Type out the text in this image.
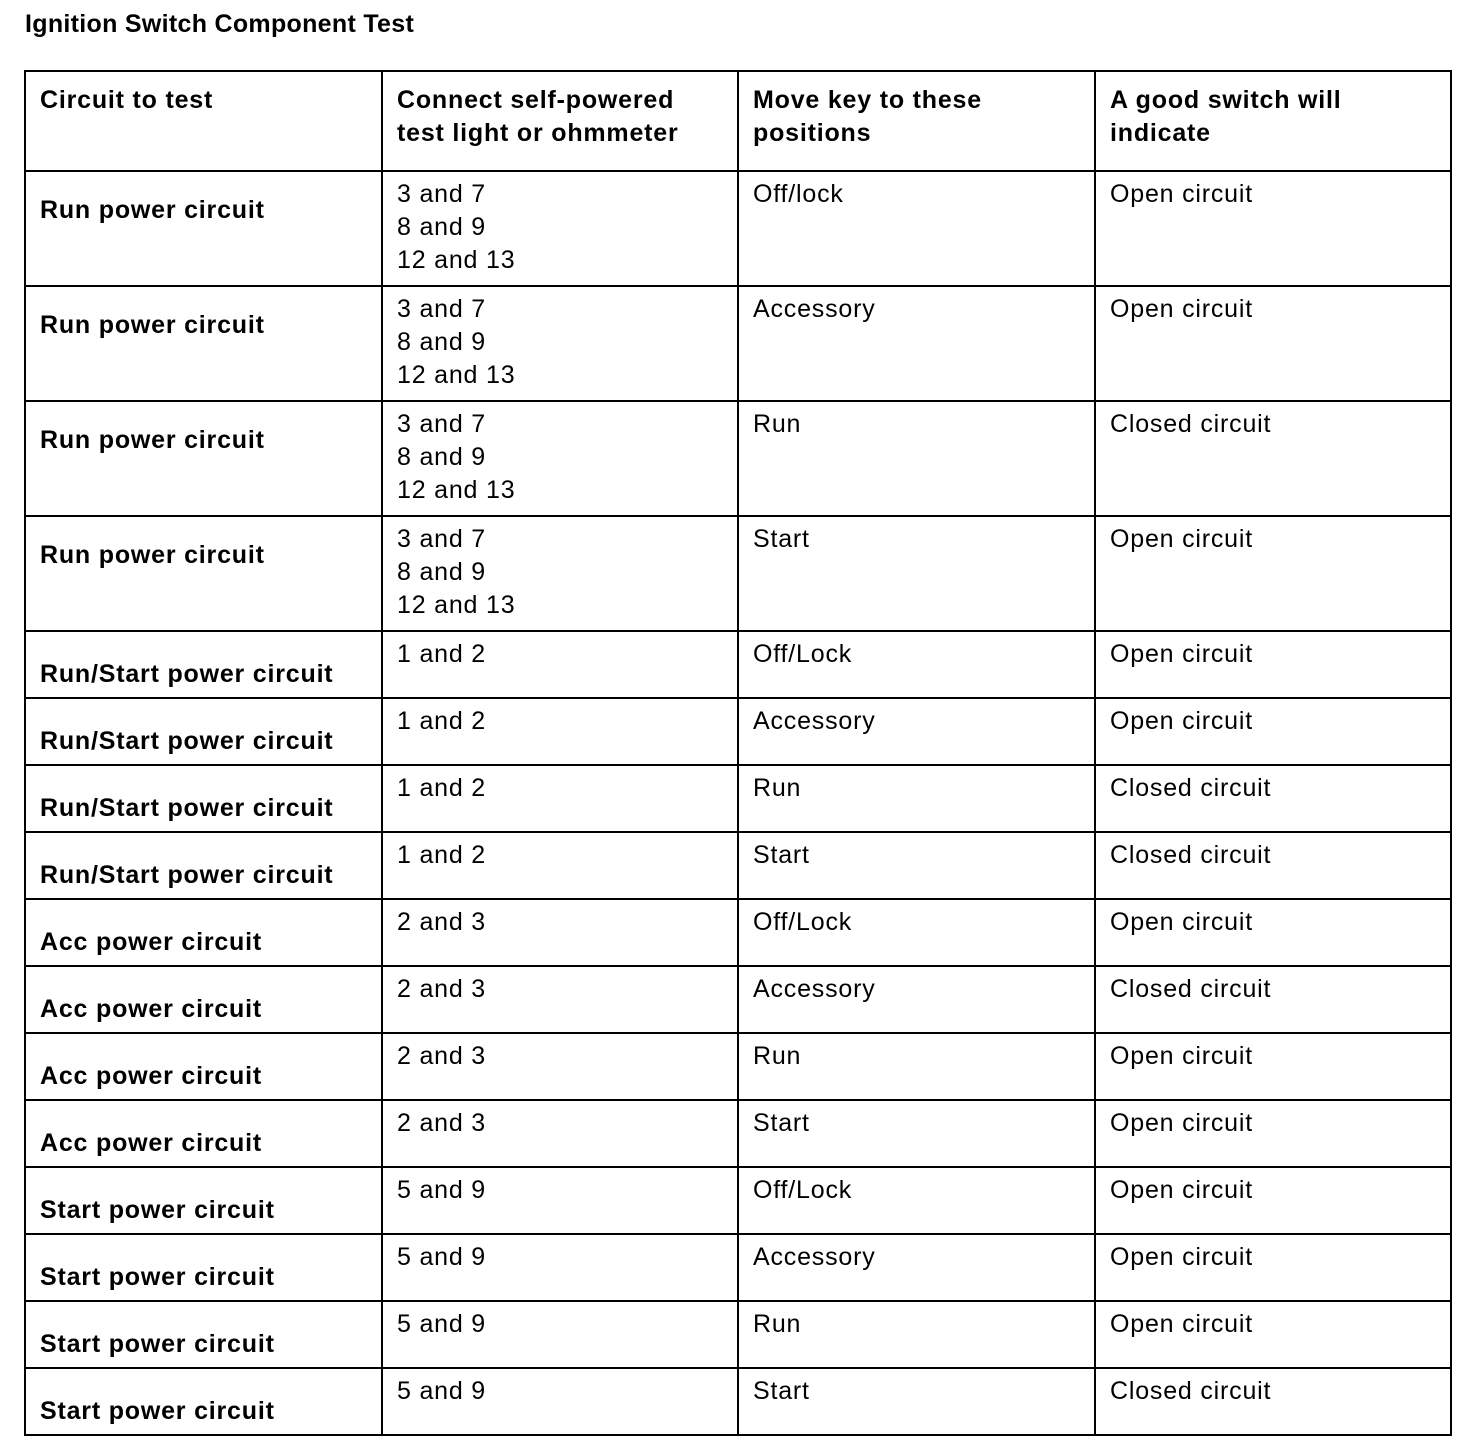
Ignition Switch Component Test
Circuit to test	Connect self-powered test light or ohmmeter	Move key to these positions	A good switch will indicate
Run power circuit	3 and 7
8 and 9
12 and 13	Off/lock	Open circuit
Run power circuit	3 and 7
8 and 9
12 and 13	Accessory	Open circuit
Run power circuit	3 and 7
8 and 9
12 and 13	Run	Closed circuit
Run power circuit	3 and 7
8 and 9
12 and 13	Start	Open circuit
Run/Start power circuit	1 and 2	Off/Lock	Open circuit
Run/Start power circuit	1 and 2	Accessory	Open circuit
Run/Start power circuit	1 and 2	Run	Closed circuit
Run/Start power circuit	1 and 2	Start	Closed circuit
Acc power circuit	2 and 3	Off/Lock	Open circuit
Acc power circuit	2 and 3	Accessory	Closed circuit
Acc power circuit	2 and 3	Run	Open circuit
Acc power circuit	2 and 3	Start	Open circuit
Start power circuit	5 and 9	Off/Lock	Open circuit
Start power circuit	5 and 9	Accessory	Open circuit
Start power circuit	5 and 9	Run	Open circuit
Start power circuit	5 and 9	Start	Closed circuit
